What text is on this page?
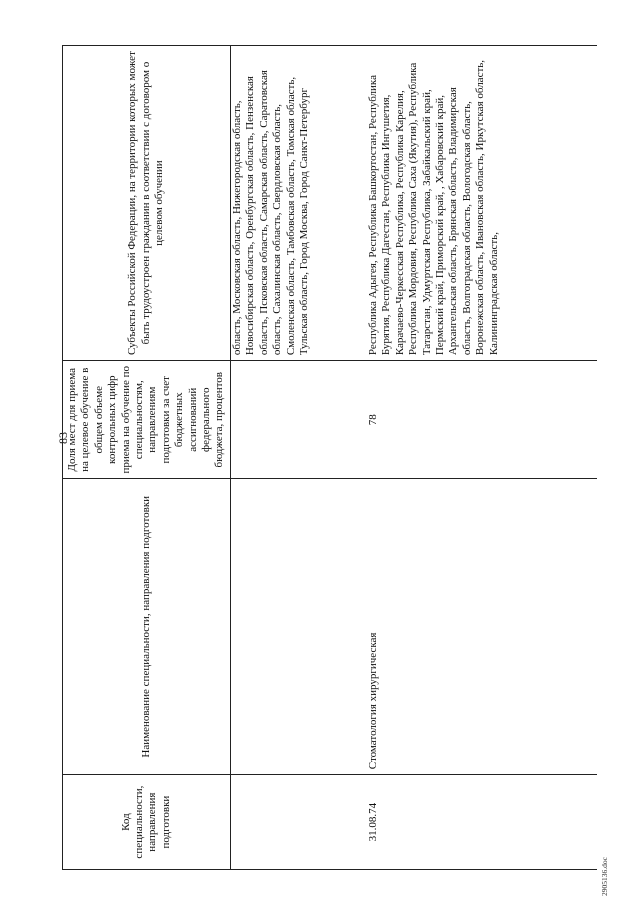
83
Код специальности, направления подготовки	Наименование специальности, направления подготовки	Доля мест для приема на целевое обучение в общем объеме контрольных цифр приема на обучение по специальностям, направлениям подготовки за счет бюджетных ассигнований федерального бюджета, процентов	Субъекты Российской Федерации, на территории которых может быть трудоустроен гражданин в соответствии с договором о целевом обучении
			область, Московская область, Нижегородская область, Новосибирская область, Оренбургская область, Пензенская область, Псковская область, Самарская область, Саратовская область, Сахалинская область, Свердловская область, Смоленская область, Тамбовская область, Томская область, Тульская область, Город Москва, Город Санкт-Петербург
31.08.74	Стоматология хирургическая	78	Республика Адыгея, Республика Башкортостан, Республика Бурятия, Республика Дагестан, Республика Ингушетия, Карачаево-Черкесская Республика, Республика Карелия, Республика Мордовия, Республика Саха (Якутия), Республика Татарстан, Удмуртская Республика, Забайкальский край, Пермский край, Приморский край, , Хабаровский край, Архангельская область, Брянская область, Владимирская область, Волгоградская область, Вологодская область, Воронежская область, Ивановская область, Иркутская область, Калининградская область,
2905136.doc
